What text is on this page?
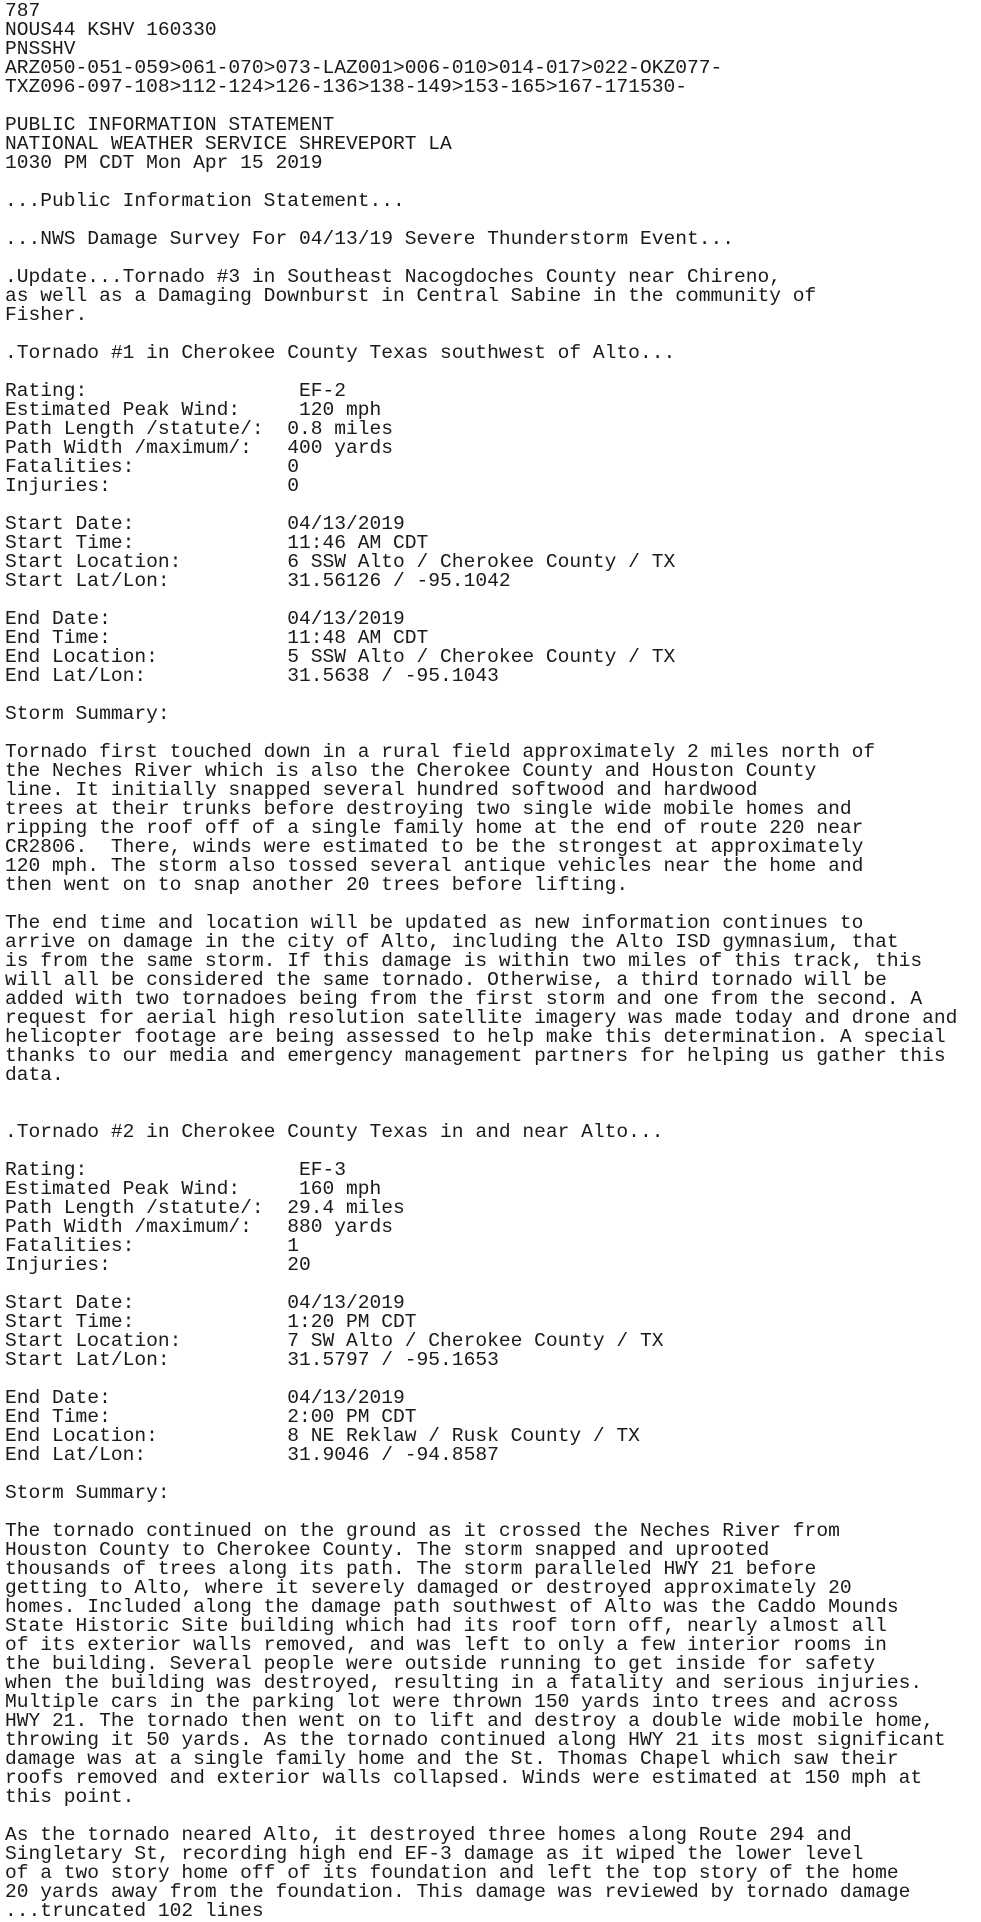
787
NOUS44 KSHV 160330
PNSSHV
ARZ050-051-059>061-070>073-LAZ001>006-010>014-017>022-OKZ077-
TXZ096-097-108>112-124>126-136>138-149>153-165>167-171530-
PUBLIC INFORMATION STATEMENT
NATIONAL WEATHER SERVICE SHREVEPORT LA
1030 PM CDT Mon Apr 15 2019
...Public Information Statement...
...NWS Damage Survey For 04/13/19 Severe Thunderstorm Event...
.Update...Tornado #3 in Southeast Nacogdoches County near Chireno,
as well as a Damaging Downburst in Central Sabine in the community of
Fisher.
.Tornado #1 in Cherokee County Texas southwest of Alto...
Rating:                  EF-2
Estimated Peak Wind:     120 mph
Path Length /statute/:  0.8 miles
Path Width /maximum/:   400 yards
Fatalities:             0
Injuries:               0
Start Date:             04/13/2019
Start Time:             11:46 AM CDT
Start Location:         6 SSW Alto / Cherokee County / TX
Start Lat/Lon:          31.56126 / -95.1042
End Date:               04/13/2019
End Time:               11:48 AM CDT
End Location:           5 SSW Alto / Cherokee County / TX
End Lat/Lon:            31.5638 / -95.1043
Storm Summary:
Tornado first touched down in a rural field approximately 2 miles north of
the Neches River which is also the Cherokee County and Houston County
line. It initially snapped several hundred softwood and hardwood
trees at their trunks before destroying two single wide mobile homes and
ripping the roof off of a single family home at the end of route 220 near
CR2806.  There, winds were estimated to be the strongest at approximately
120 mph. The storm also tossed several antique vehicles near the home and
then went on to snap another 20 trees before lifting.
The end time and location will be updated as new information continues to
arrive on damage in the city of Alto, including the Alto ISD gymnasium, that
is from the same storm. If this damage is within two miles of this track, this
will all be considered the same tornado. Otherwise, a third tornado will be
added with two tornadoes being from the first storm and one from the second. A
request for aerial high resolution satellite imagery was made today and drone and
helicopter footage are being assessed to help make this determination. A special
thanks to our media and emergency management partners for helping us gather this
data.
.Tornado #2 in Cherokee County Texas in and near Alto...
Rating:                  EF-3
Estimated Peak Wind:     160 mph
Path Length /statute/:  29.4 miles
Path Width /maximum/:   880 yards
Fatalities:             1
Injuries:               20
Start Date:             04/13/2019
Start Time:             1:20 PM CDT
Start Location:         7 SW Alto / Cherokee County / TX
Start Lat/Lon:          31.5797 / -95.1653
End Date:               04/13/2019
End Time:               2:00 PM CDT
End Location:           8 NE Reklaw / Rusk County / TX
End Lat/Lon:            31.9046 / -94.8587
Storm Summary:
The tornado continued on the ground as it crossed the Neches River from
Houston County to Cherokee County. The storm snapped and uprooted
thousands of trees along its path. The storm paralleled HWY 21 before
getting to Alto, where it severely damaged or destroyed approximately 20
homes. Included along the damage path southwest of Alto was the Caddo Mounds
State Historic Site building which had its roof torn off, nearly almost all
of its exterior walls removed, and was left to only a few interior rooms in
the building. Several people were outside running to get inside for safety
when the building was destroyed, resulting in a fatality and serious injuries.
Multiple cars in the parking lot were thrown 150 yards into trees and across
HWY 21. The tornado then went on to lift and destroy a double wide mobile home,
throwing it 50 yards. As the tornado continued along HWY 21 its most significant
damage was at a single family home and the St. Thomas Chapel which saw their
roofs removed and exterior walls collapsed. Winds were estimated at 150 mph at
this point.
As the tornado neared Alto, it destroyed three homes along Route 294 and
Singletary St, recording high end EF-3 damage as it wiped the lower level
of a two story home off of its foundation and left the top story of the home
20 yards away from the foundation. This damage was reviewed by tornado damage
...truncated 102 lines
